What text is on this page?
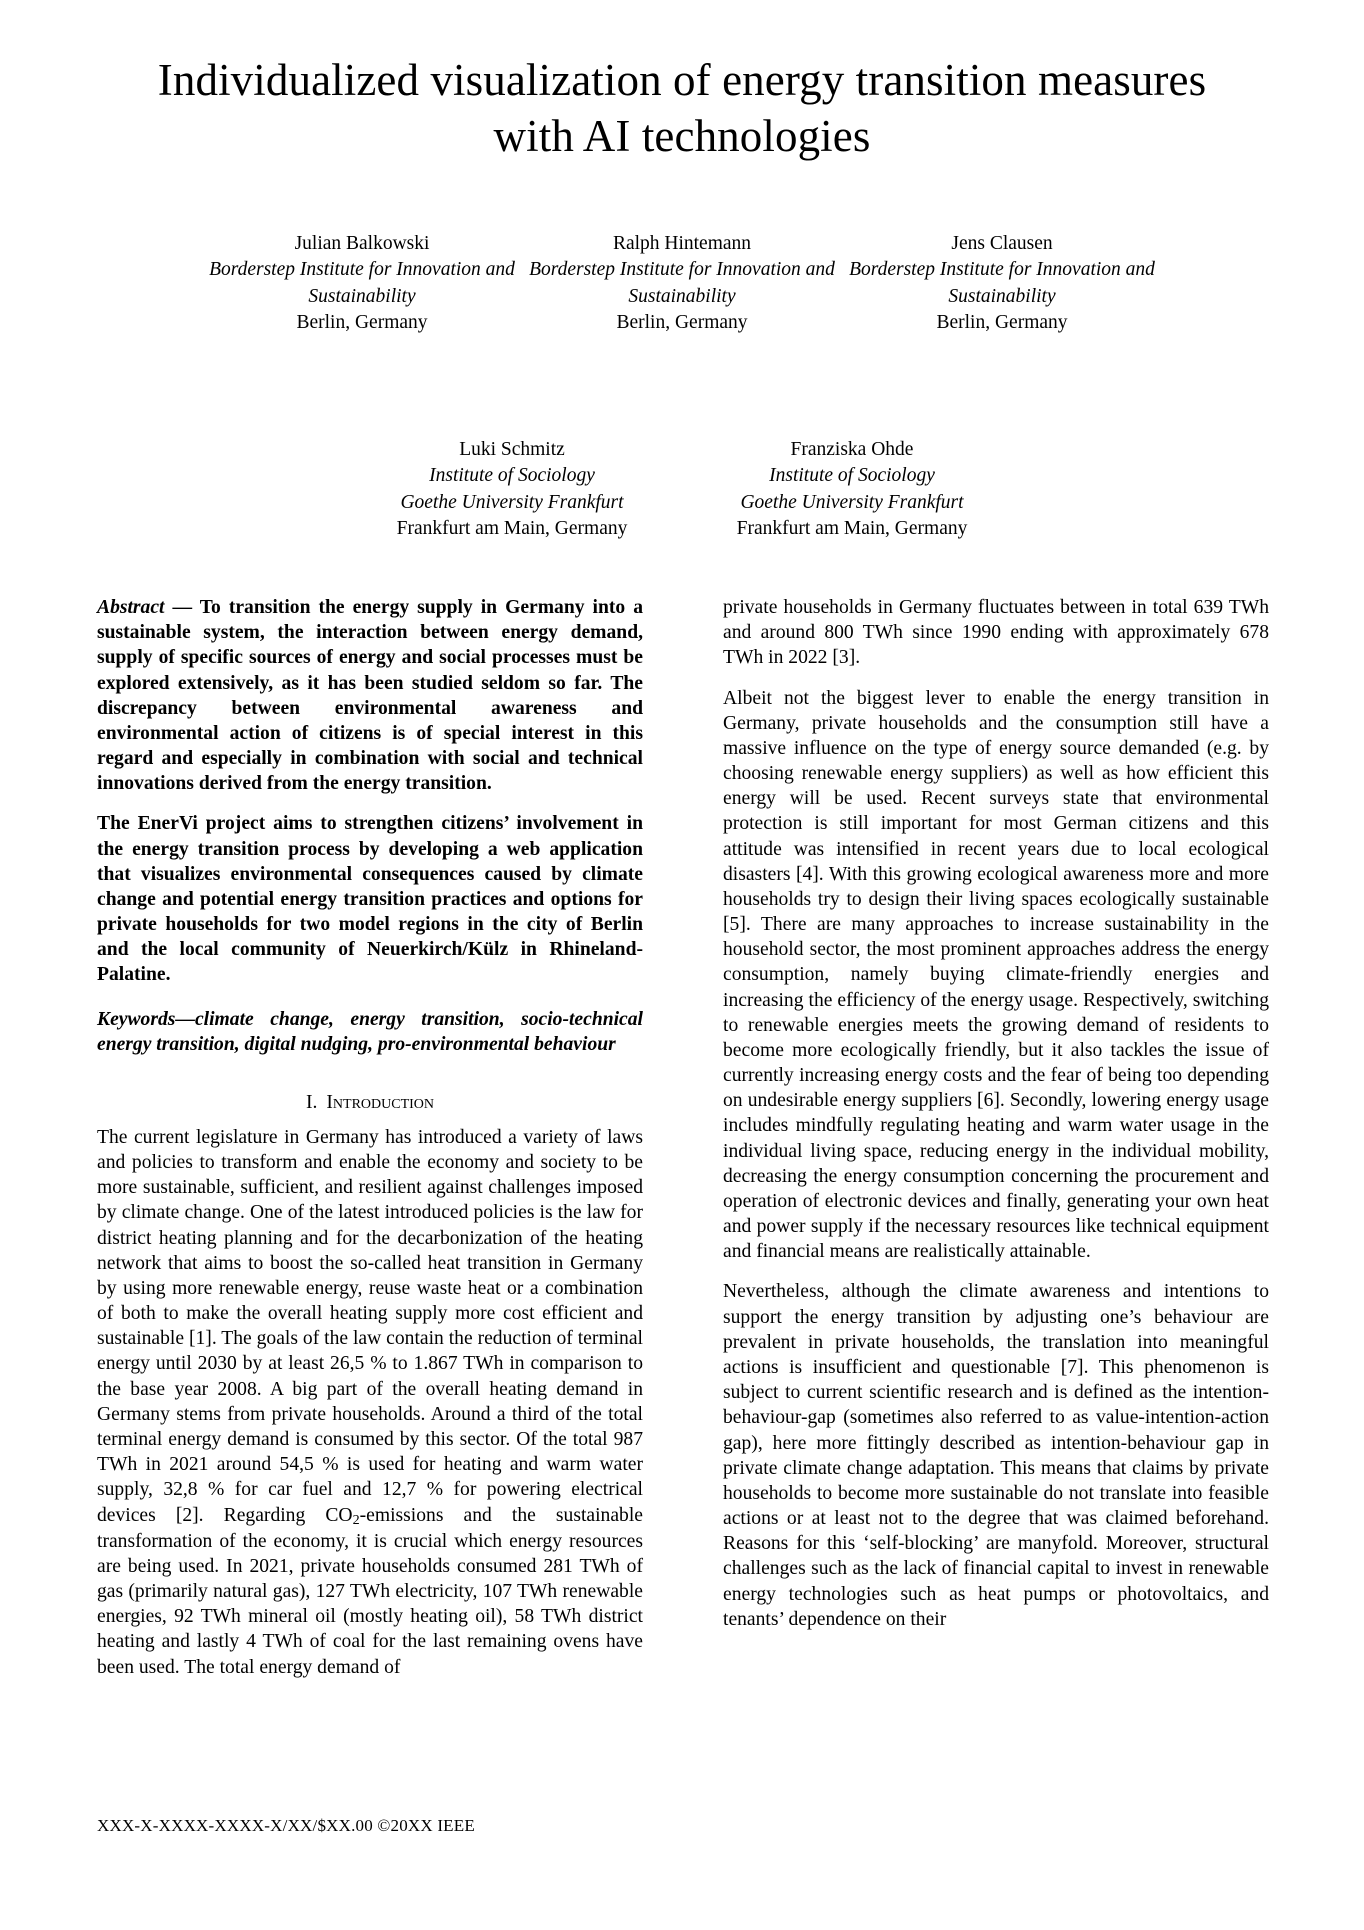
Individualized visualization of energy transition measures with AI technologies
Julian Balkowski
Borderstep Institute for Innovation and
Sustainability
Berlin, Germany
Ralph Hintemann
Borderstep Institute for Innovation and
Sustainability
Berlin, Germany
Jens Clausen
Borderstep Institute for Innovation and
Sustainability
Berlin, Germany
Luki Schmitz
Institute of Sociology
Goethe University Frankfurt
Frankfurt am Main, Germany
Franziska Ohde
Institute of Sociology
Goethe University Frankfurt
Frankfurt am Main, Germany

Abstract — To transition the energy supply in Germany into a sustainable system, the interaction between energy demand, supply of specific sources of energy and social processes must be explored extensively, as it has been studied seldom so far. The discrepancy between environmental awareness and environmental action of citizens is of special interest in this regard and especially in combination with social and technical innovations derived from the energy transition.

The EnerVi project aims to strengthen citizens’ involvement in the energy transition process by developing a web application that visualizes environmental consequences caused by climate change and potential energy transition practices and options for private households for two model regions in the city of Berlin and the local community of Neuerkirch/Külz in Rhineland-Palatine.

Keywords—climate change, energy transition, socio-technical energy transition, digital nudging, pro-environmental behaviour

I. Introduction

The current legislature in Germany has introduced a variety of laws and policies to transform and enable the economy and society to be more sustainable, sufficient, and resilient against challenges imposed by climate change. One of the latest introduced policies is the law for district heating planning and for the decarbonization of the heating network that aims to boost the so-called heat transition in Germany by using more renewable energy, reuse waste heat or a combination of both to make the overall heating supply more cost efficient and sustainable [1]. The goals of the law contain the reduction of terminal energy until 2030 by at least 26,5 % to 1.867 TWh in comparison to the base year 2008. A big part of the overall heating demand in Germany stems from private households. Around a third of the total terminal energy demand is consumed by this sector. Of the total 987 TWh in 2021 around 54,5 % is used for heating and warm water supply, 32,8 % for car fuel and 12,7 % for powering electrical devices [2]. Regarding $CO_2$-emissions and the sustainable transformation of the economy, it is crucial which energy resources are being used. In 2021, private households consumed 281 TWh of gas (primarily natural gas), 127 TWh electricity, 107 TWh renewable energies, 92 TWh mineral oil (mostly heating oil), 58 TWh district heating and lastly 4 TWh of coal for the last remaining ovens have been used. The total energy demand of

private households in Germany fluctuates between in total 639 TWh and around 800 TWh since 1990 ending with approximately 678 TWh in 2022 [3].

Albeit not the biggest lever to enable the energy transition in Germany, private households and the consumption still have a massive influence on the type of energy source demanded (e.g. by choosing renewable energy suppliers) as well as how efficient this energy will be used. Recent surveys state that environmental protection is still important for most German citizens and this attitude was intensified in recent years due to local ecological disasters [4]. With this growing ecological awareness more and more households try to design their living spaces ecologically sustainable [5]. There are many approaches to increase sustainability in the household sector, the most prominent approaches address the energy consumption, namely buying climate-friendly energies and increasing the efficiency of the energy usage. Respectively, switching to renewable energies meets the growing demand of residents to become more ecologically friendly, but it also tackles the issue of currently increasing energy costs and the fear of being too depending on undesirable energy suppliers [6]. Secondly, lowering energy usage includes mindfully regulating heating and warm water usage in the individual living space, reducing energy in the individual mobility, decreasing the energy consumption concerning the procurement and operation of electronic devices and finally, generating your own heat and power supply if the necessary resources like technical equipment and financial means are realistically attainable.

Nevertheless, although the climate awareness and intentions to support the energy transition by adjusting one’s behaviour are prevalent in private households, the translation into meaningful actions is insufficient and questionable [7]. This phenomenon is subject to current scientific research and is defined as the intention-behaviour-gap (sometimes also referred to as value-intention-action gap), here more fittingly described as intention-behaviour gap in private climate change adaptation. This means that claims by private households to become more sustainable do not translate into feasible actions or at least not to the degree that was claimed beforehand. Reasons for this ‘self-blocking’ are manyfold. Moreover, structural challenges such as the lack of financial capital to invest in renewable energy technologies such as heat pumps or photovoltaics, and tenants’ dependence on their

XXX-X-XXXX-XXXX-X/XX/$XX.00 ©20XX IEEE
